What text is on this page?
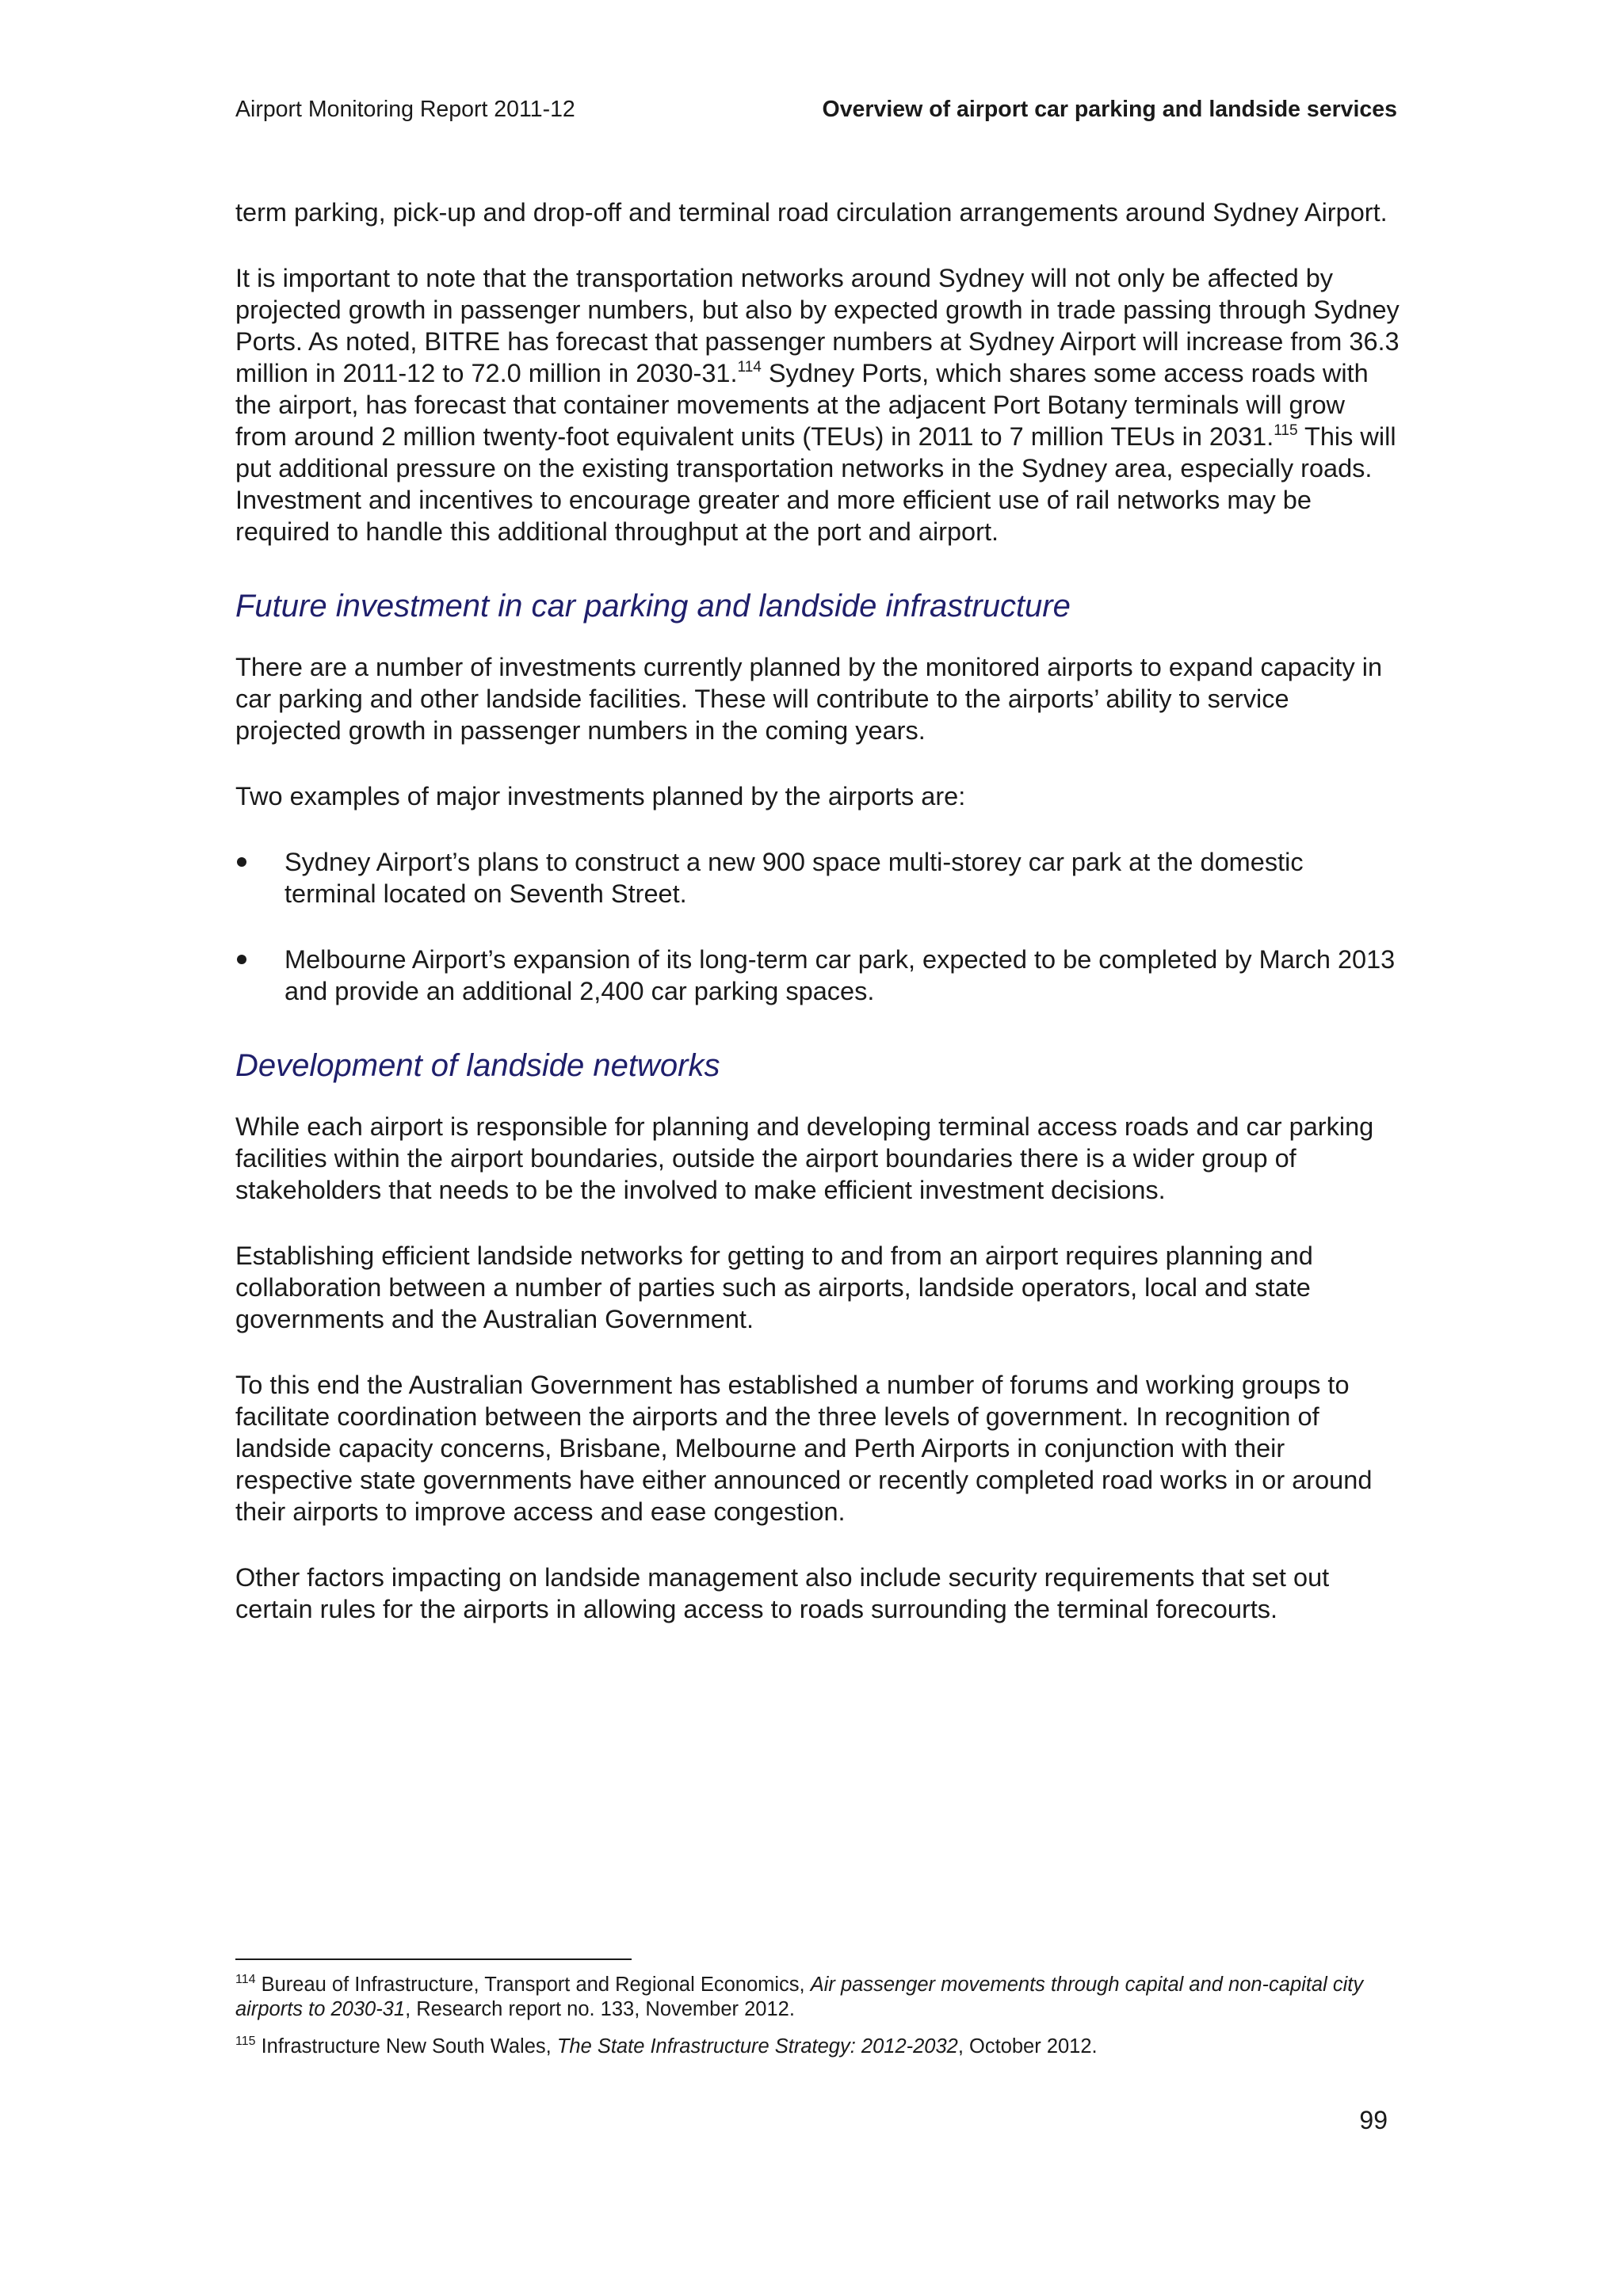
Airport Monitoring Report 2011-12	Overview of airport car parking and landside services

term parking, pick-up and drop-off and terminal road circulation arrangements around Sydney Airport.

It is important to note that the transportation networks around Sydney will not only be affected by projected growth in passenger numbers, but also by expected growth in trade passing through Sydney Ports. As noted, BITRE has forecast that passenger numbers at Sydney Airport will increase from 36.3 million in 2011-12 to 72.0 million in 2030-31.$^{114}$ Sydney Ports, which shares some access roads with the airport, has forecast that container movements at the adjacent Port Botany terminals will grow from around 2 million twenty-foot equivalent units (TEUs) in 2011 to 7 million TEUs in 2031.$^{115}$ This will put additional pressure on the existing transportation networks in the Sydney area, especially roads. Investment and incentives to encourage greater and more efficient use of rail networks may be required to handle this additional throughput at the port and airport.

Future investment in car parking and landside infrastructure

There are a number of investments currently planned by the monitored airports to expand capacity in car parking and other landside facilities. These will contribute to the airports’ ability to service projected growth in passenger numbers in the coming years.

Two examples of major investments planned by the airports are:

Sydney Airport’s plans to construct a new 900 space multi-storey car park at the domestic terminal located on Seventh Street.
Melbourne Airport’s expansion of its long-term car park, expected to be completed by March 2013 and provide an additional 2,400 car parking spaces.
Development of landside networks

While each airport is responsible for planning and developing terminal access roads and car parking facilities within the airport boundaries, outside the airport boundaries there is a wider group of stakeholders that needs to be the involved to make efficient investment decisions.

Establishing efficient landside networks for getting to and from an airport requires planning and collaboration between a number of parties such as airports, landside operators, local and state governments and the Australian Government.

To this end the Australian Government has established a number of forums and working groups to facilitate coordination between the airports and the three levels of government. In recognition of landside capacity concerns, Brisbane, Melbourne and Perth Airports in conjunction with their respective state governments have either announced or recently completed road works in or around their airports to improve access and ease congestion.

Other factors impacting on landside management also include security requirements that set out certain rules for the airports in allowing access to roads surrounding the terminal forecourts.

$^{114}$ Bureau of Infrastructure, Transport and Regional Economics, Air passenger movements through capital and non-capital city airports to 2030-31, Research report no. 133, November 2012.

$^{115}$ Infrastructure New South Wales, The State Infrastructure Strategy: 2012-2032, October 2012.

99
